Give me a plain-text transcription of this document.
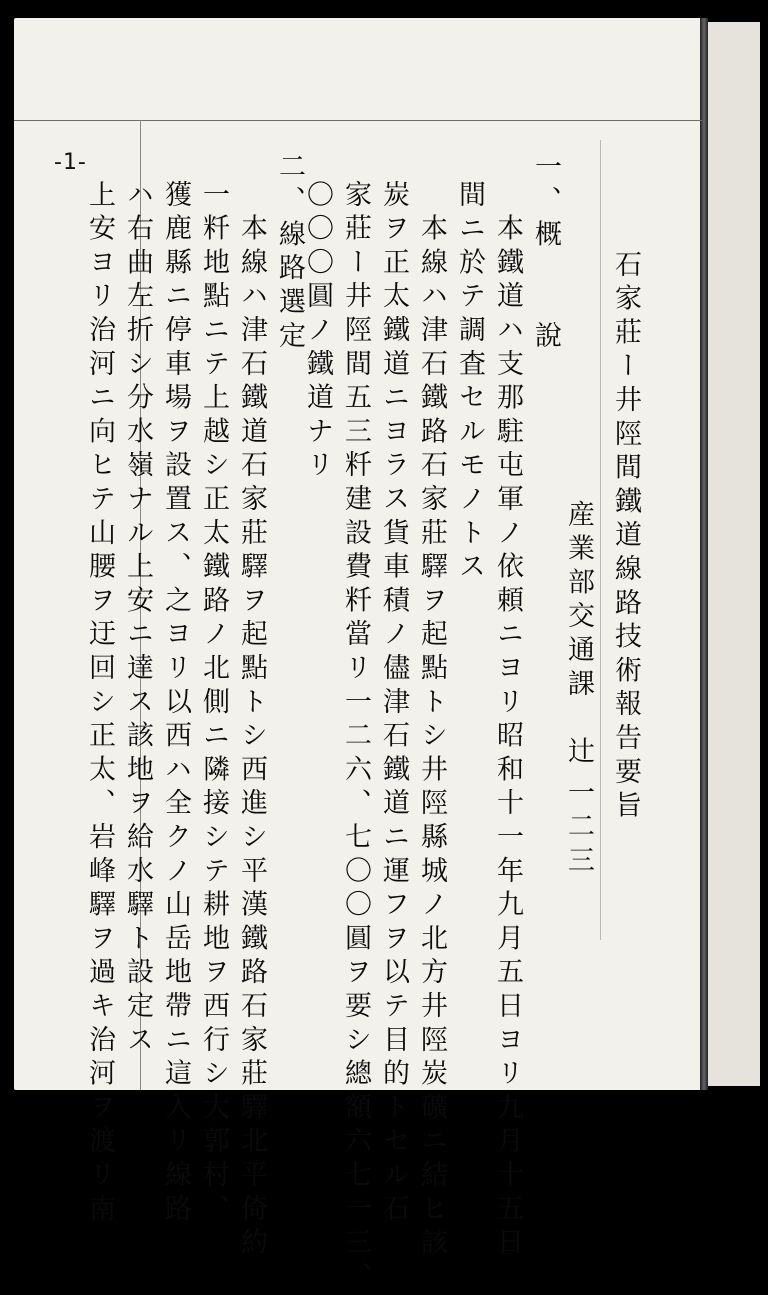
-1-
石家莊ー井陘間鐵道線路技術報告要旨
産業部交通課　辻
一二三
一、概　　說
　本鐵道ハ支那駐屯軍ノ依頼ニヨリ昭和十一年九月五日ヨリ九月十五日
間ニ於テ調査セルモノトス
　本線ハ津石鐵路石家莊驛ヲ起點トシ井陘縣城ノ北方井陘炭礦ニ結ヒ該
炭ヲ正太鐵道ニヨラス貨車積ノ儘津石鐵道ニ運フヲ以テ目的トセル石
家莊ー井陘間五三粁建設費粁當リ一二六、七〇〇圓ヲ要シ總額六七一三、
〇〇〇圓ノ鐵道ナリ
二、線路選定
　本線ハ津石鐵道石家莊驛ヲ起點トシ西進シ平漢鐵路石家莊驛北平倚約
一粁地點ニテ上越シ正太鐵路ノ北側ニ隣接シテ耕地ヲ西行シ大郭村、
獲鹿縣ニ停車場ヲ設置ス、之ヨリ以西ハ全クノ山岳地帶ニ這入リ線路
ハ右曲左折シ分水嶺ナル上安ニ達ス該地ヲ給水驛ト設定ス
上安ヨリ治河ニ向ヒテ山腰ヲ迂回シ正太、岩峰驛ヲ過キ治河ヲ渡リ南
